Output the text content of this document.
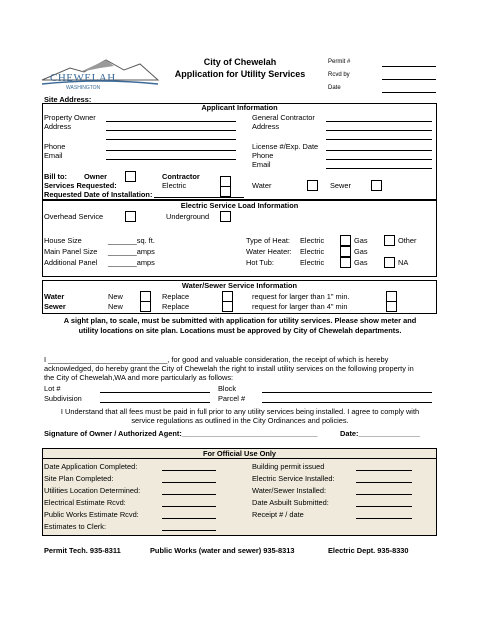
CHEWELAH
WASHINGTON
City of Chewelah
Application for Utility Services
Permit #
Rcvd by
Date
Site Address:
Applicant Information
Property Owner
Address
Phone
Email
General Contractor
Address
License #/Exp. Date
Phone
Email
Bill to: Owner	Contractor
Services Requested:	Electric	Water	Sewer
Requested Date of Installation:
Electric Service Load Information
Overhead Service	Underground
House Size	_______sq. ft.
Main Panel Size _______amps
Additional Panel _______amps
Type of Heat: Electric	Gas	Other
Water Heater: Electric	Gas
Hot Tub:	Electric	Gas	NA
Water/Sewer Service Information
Water	New	Replace	request for larger than 1" min.
Sewer	New	Replace	request for larger than 4" min
A sight plan, to scale, must be submitted with application for utility services. Please show meter and
utility locations on site plan. Locations must be approved by City of Chewelah departments.
I _____________________________, for good and valuable consideration, the receipt of which is hereby
acknowledged, do hereby grant the City of Chewelah the right to install utility services on the following property in
the City of Chewelah,WA and more particularly as follows:
Lot #	Block
Subdivision	Parcel #
I Understand that all fees must be paid in full prior to any utility services being installed. I agree to comply with
service regulations as outlined in the City Ordinances and policies.
Signature of Owner / Authorized Agent:_________________________________	Date:_______________
For Official Use Only
Date Application Completed:
Site Plan Completed:
Utilities Location Determined:
Electrical Estimate Rcvd:
Public Works Estimate Rcvd:
Estimates to Clerk:
Building permit issued
Electric Service Installed:
Water/Sewer Installed:
Date Asbuilt Submitted:
Receipt # / date
Permit Tech. 935-8311	Public Works (water and sewer) 935-8313	Electric Dept. 935-8330
